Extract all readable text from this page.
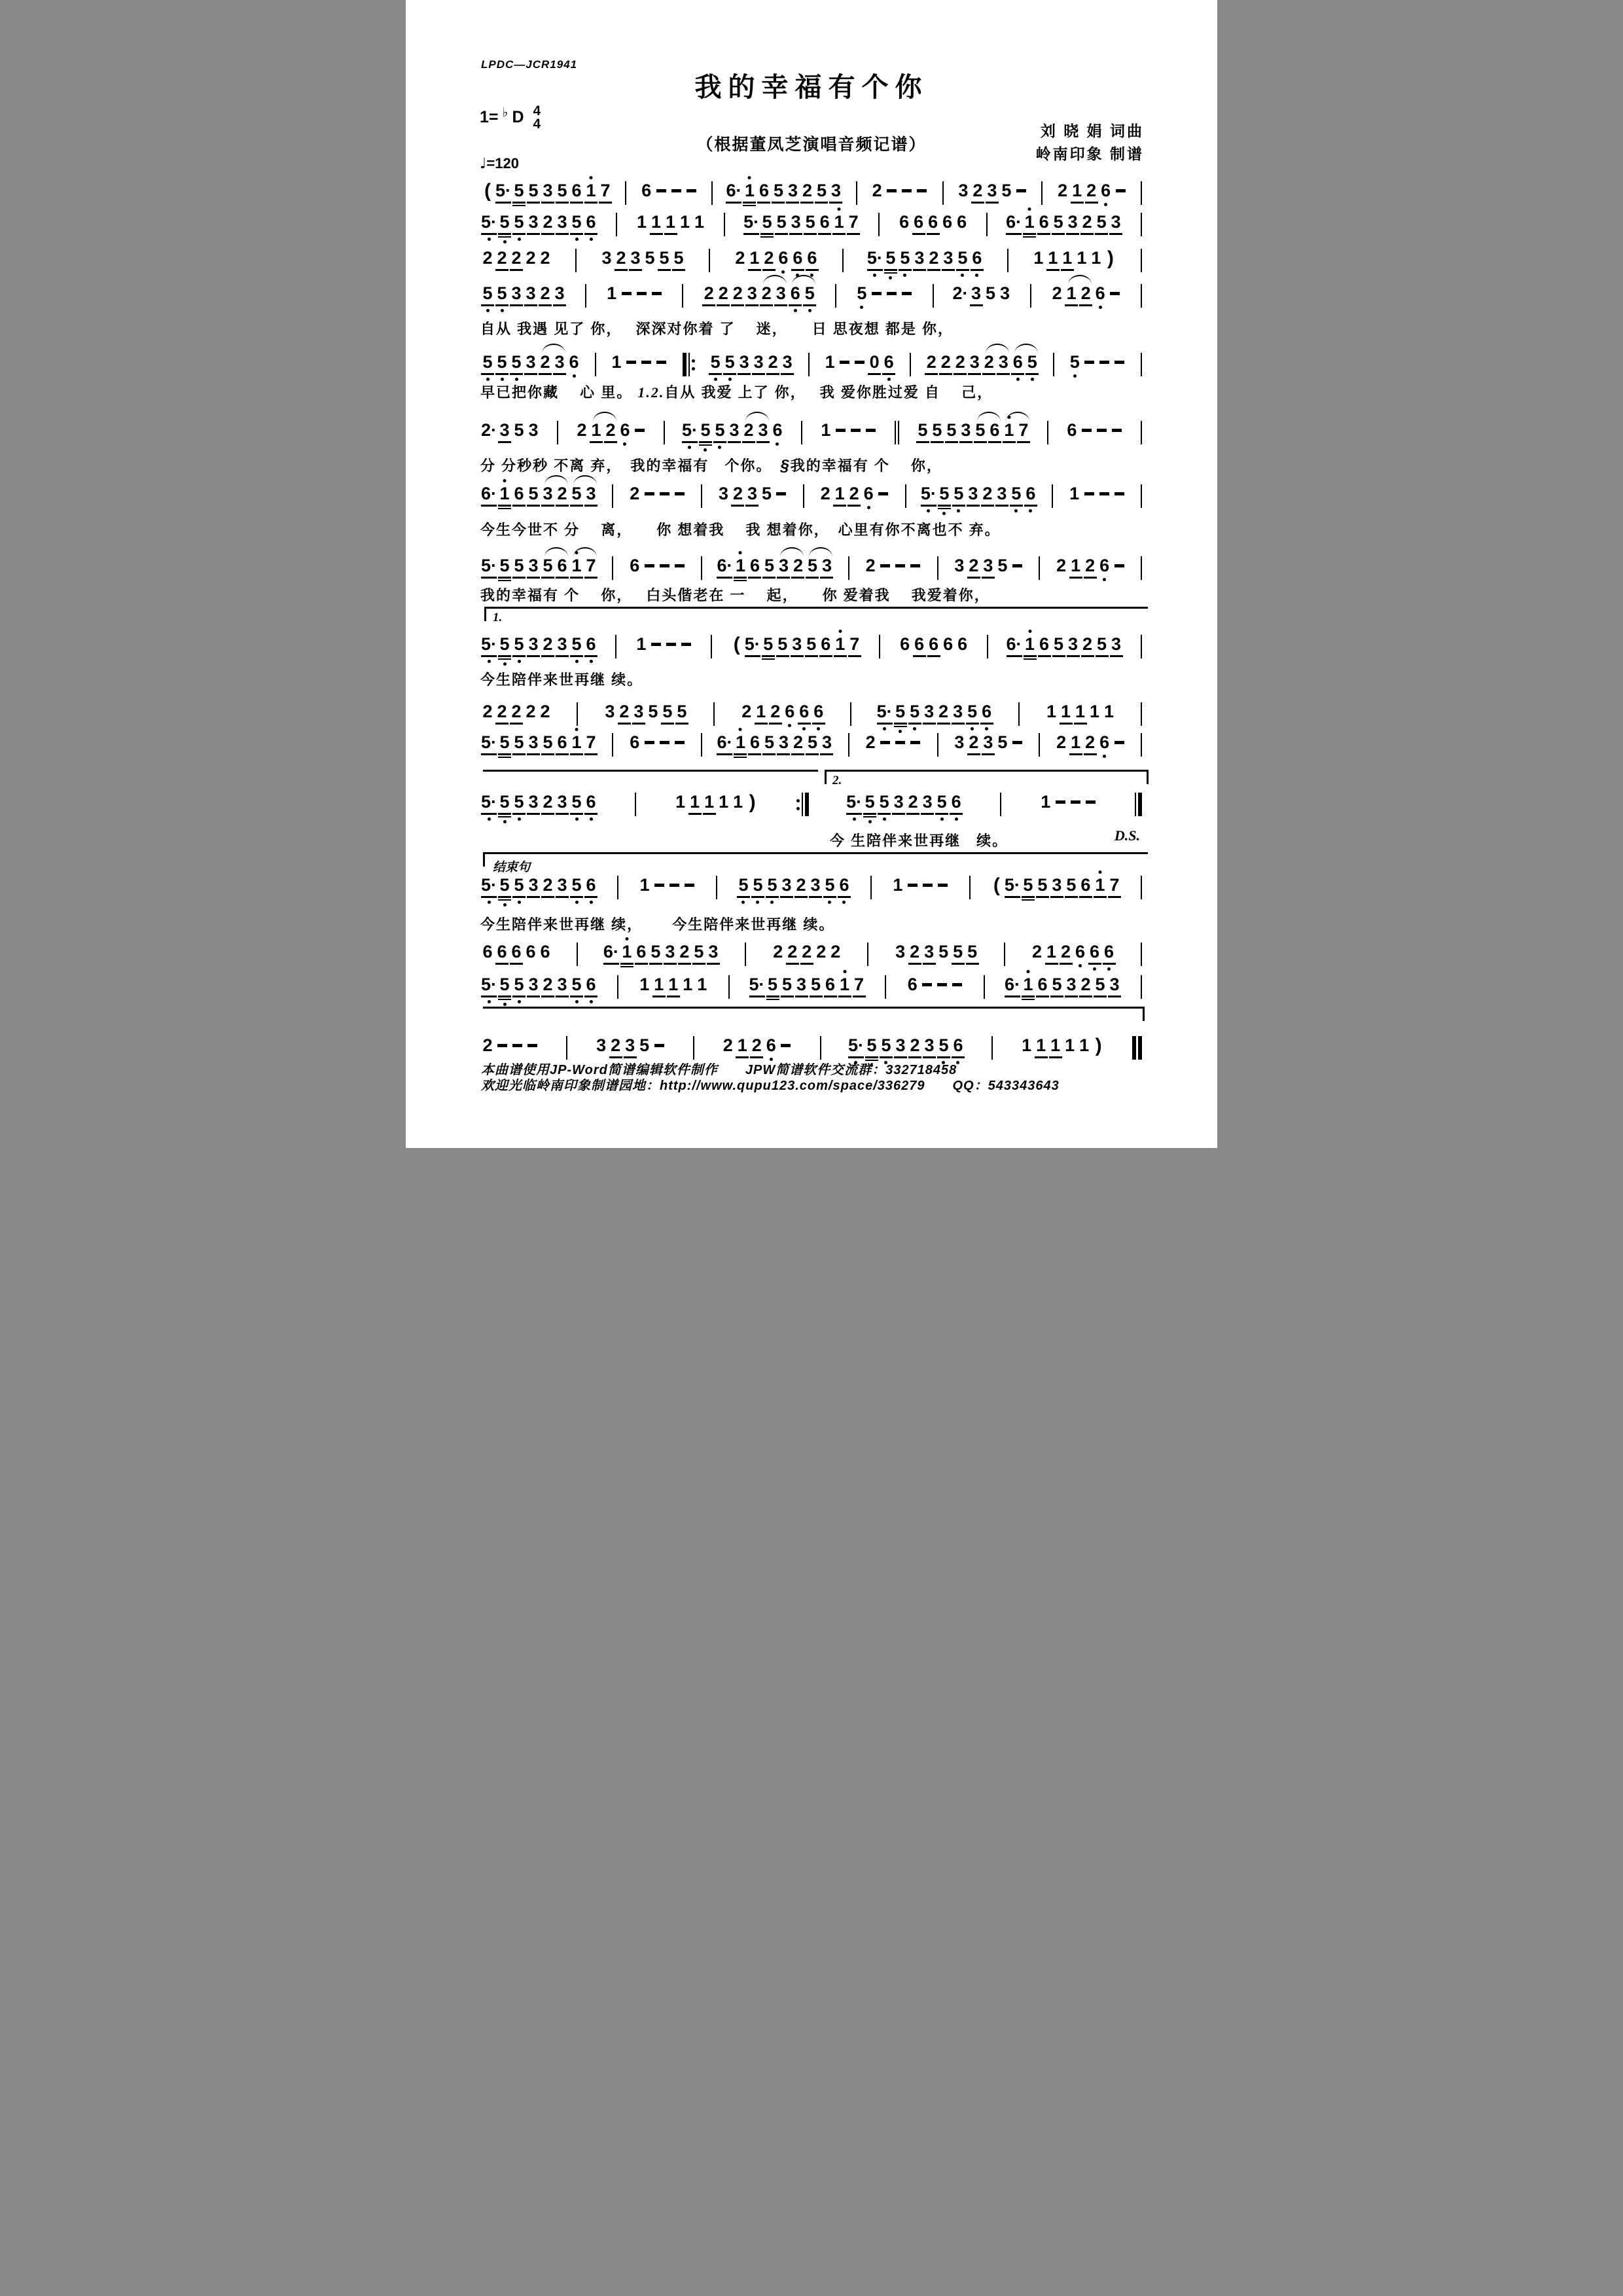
LPDC—JCR1941
我的幸福有个你
1= ♭ D 4
4
（根据董凤芝演唱音频记谱）
刘 晓 娟 词曲
岭南印象 制谱
♩=120
( 5· 5 5 3 5 6 1 7 6	6· 1 6 5 3 2 5 3 2	3 2 3 5	2 1 2 6
5· 5 5 3 2 3 5 6 1 1 1 1 1 5· 5 5 3 5 6 1 7 6 6 6 6 6 6· 1 6 5 3 2 5 3
2 2 2 2 2	3 2 3 5 5 5	2 1 2 6 6 6	5· 5 5 3 2 3 5 6	1 1 1 1 1 )
5 5 3 3 2 3 1	2 2 2 3 2 3 6 5 5	2· 3 5 3 2 1 2 6
5 5 5 3 2 3 6 1	5 5 3 3 2 3 1 0 6 2 2 2 3 2 3 6 5 5
2· 3 5 3 2 1 2 6	5· 5 5 3 2 3 6 1	5 5 5 3 5 6 1 7 6
6· 1 6 5 3 2 5 3 2	3 2 3 5	2 1 2 6	5· 5 5 3 2 3 5 6 1
5· 5 5 3 5 6 1 7 6	6· 1 6 5 3 2 5 3 2	3 2 3 5	2 1 2 6
5· 5 5 3 2 3 5 6 1	( 5· 5 5 3 5 6 1 7 6 6 6 6 6 6· 1 6 5 3 2 5 3
2 2 2 2 2	3 2 3 5 5 5	2 1 2 6 6 6	5· 5 5 3 2 3 5 6	1 1 1 1 1
5· 5 5 3 5 6 1 7 6	6· 1 6 5 3 2 5 3 2	3 2 3 5	2 1 2 6
5· 5 5 3 2 3 5 6	1 1 1 1 1 )	5· 5 5 3 2 3 5 6	1
5· 5 5 3 2 3 5 6 1	5 5 5 3 2 3 5 6 1	( 5· 5 5 3 5 6 1 7
6 6 6 6 6	6· 1 6 5 3 2 5 3	2 2 2 2 2	3 2 3 5 5 5	2 1 2 6 6 6
5· 5 5 3 2 3 5 6 1 1 1 1 1 5· 5 5 3 5 6 1 7 6	6· 1 6 5 3 2 5 3
2	3 2 3 5	2 1 2 6	5· 5 5 3 2 3 5 6	1 1 1 1 1 )
自从 我遇 见了 你，　 深深对你着 了　 迷，　　日 思夜想 都是 你，
早已把你藏　 心 里。 1.2.自从 我爱 上了 你，　 我 爱你胜过爱 自　 己，
分 分秒秒 不离 弃，　我的幸福有　个你。　§我的幸福有 个　 你，
今生今世不 分　 离，　　你 想着我　 我 想着你，　心里有你不离也不 弃。
我的幸福有 个　 你，　 白头偕老在 一　 起，　　你 爱着我　 我爱着你，
今生陪伴来世再继 续。
今 生陪伴来世再继　续。
今生陪伴来世再继 续，　　 今生陪伴来世再继 续。
1.
2.
结束句
D.S.
本曲谱使用JP-Word简谱编辑软件制作　　JPW简谱软件交流群：332718458
欢迎光临岭南印象制谱园地：http://www.qupu123.com/space/336279　　QQ：543343643
